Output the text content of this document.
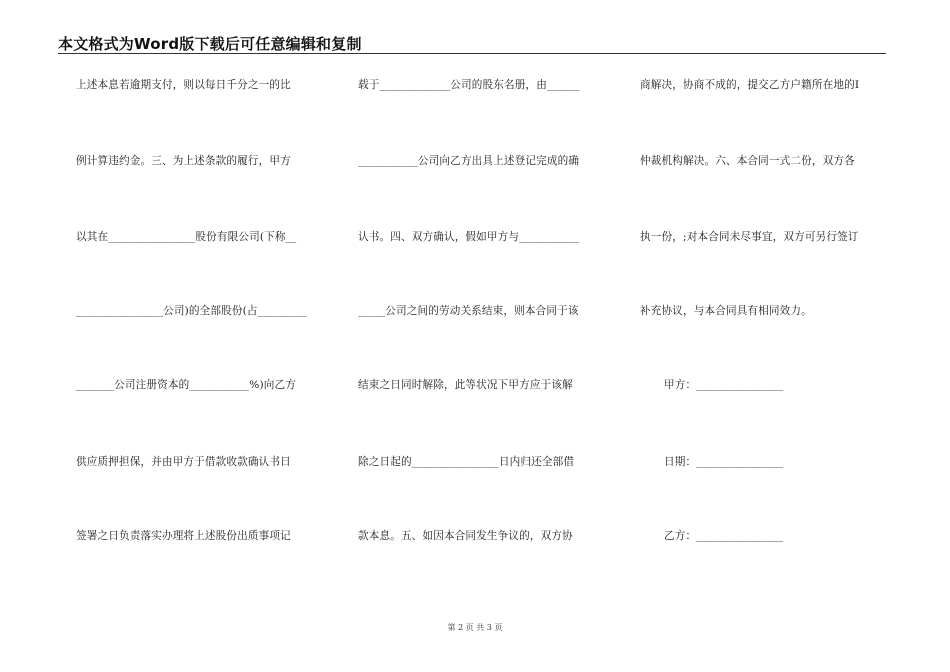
本文格式为Word版下载后可任意编辑和复制
上述本息若逾期支付，则以每日千分之一的比
例计算违约金。三、为上述条款的履行，甲方
以其在________________股份有限公司(下称__
________________公司)的全部股份(占_________
_______公司注册资本的___________%)向乙方
供应质押担保，并由甲方于借款收款确认书日
签署之日负责落实办理将上述股份出质事项记
载于_____________公司的股东名册，由______
___________公司向乙方出具上述登记完成的确
认书。四、双方确认，假如甲方与___________
_____公司之间的劳动关系结束，则本合同于该
结束之日同时解除，此等状况下甲方应于该解
除之日起的________________日内归还全部借
款本息。五、如因本合同发生争议的，双方协
商解决，协商不成的，提交乙方户籍所在地的I
仲裁机构解决。六、本合同一式二份，双方各
执一份，;对本合同未尽事宜，双方可另行签订
补充协议，与本合同具有相同效力。
甲方：________________
日期：________________
乙方：________________
第 2 页 共 3 页
